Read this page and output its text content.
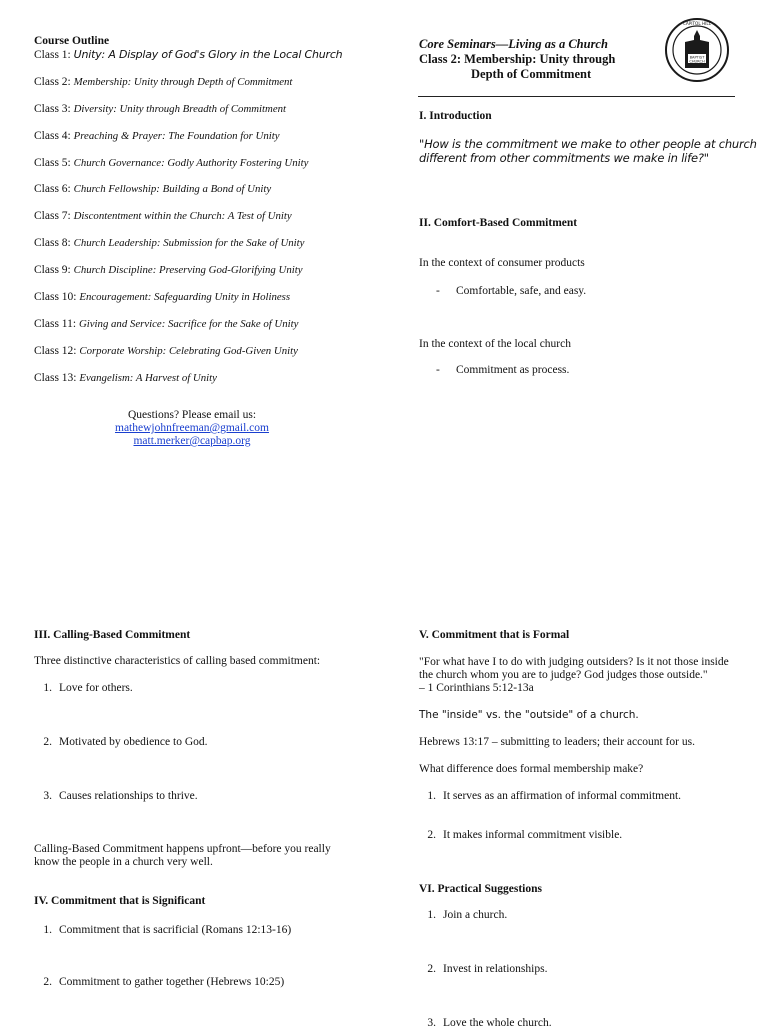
Course Outline
Class 1: Unity: A Display of God's Glory in the Local Church
Class 2: Membership: Unity through Depth of Commitment
Class 3: Diversity: Unity through Breadth of Commitment
Class 4: Preaching & Prayer: The Foundation for Unity
Class 5: Church Governance: Godly Authority Fostering Unity
Class 6: Church Fellowship: Building a Bond of Unity
Class 7: Discontentment within the Church: A Test of Unity
Class 8: Church Leadership: Submission for the Sake of Unity
Class 9: Church Discipline: Preserving God-Glorifying Unity
Class 10: Encouragement: Safeguarding Unity in Holiness
Class 11: Giving and Service: Sacrifice for the Sake of Unity
Class 12: Corporate Worship: Celebrating God-Given Unity
Class 13: Evangelism: A Harvest of Unity
Questions? Please email us:
mathewjohnfreeman@gmail.com
matt.merker@capbap.org
Core Seminars—Living as a Church
Class 2: Membership: Unity through
Depth of Commitment
BAPTIST
CHURCH
CAPITOL HILL
I. Introduction
"How is the commitment we make to other people at church
different from other commitments we make in life?"
II. Comfort-Based Commitment
In the context of consumer products
- Comfortable, safe, and easy.
In the context of the local church
- Commitment as process.
III. Calling-Based Commitment
Three distinctive characteristics of calling based commitment:
1. Love for others.
2. Motivated by obedience to God.
3. Causes relationships to thrive.
Calling-Based Commitment happens upfront—before you really
know the people in a church very well.
IV. Commitment that is Significant
1. Commitment that is sacrificial (Romans 12:13-16)
2. Commitment to gather together (Hebrews 10:25)
V. Commitment that is Formal
"For what have I to do with judging outsiders? Is it not those inside
the church whom you are to judge? God judges those outside."
– 1 Corinthians 5:12-13a
The "inside" vs. the "outside" of a church.
Hebrews 13:17 – submitting to leaders; their account for us.
What difference does formal membership make?
1. It serves as an affirmation of informal commitment.
2. It makes informal commitment visible.
VI. Practical Suggestions
1. Join a church.
2. Invest in relationships.
3. Love the whole church.
